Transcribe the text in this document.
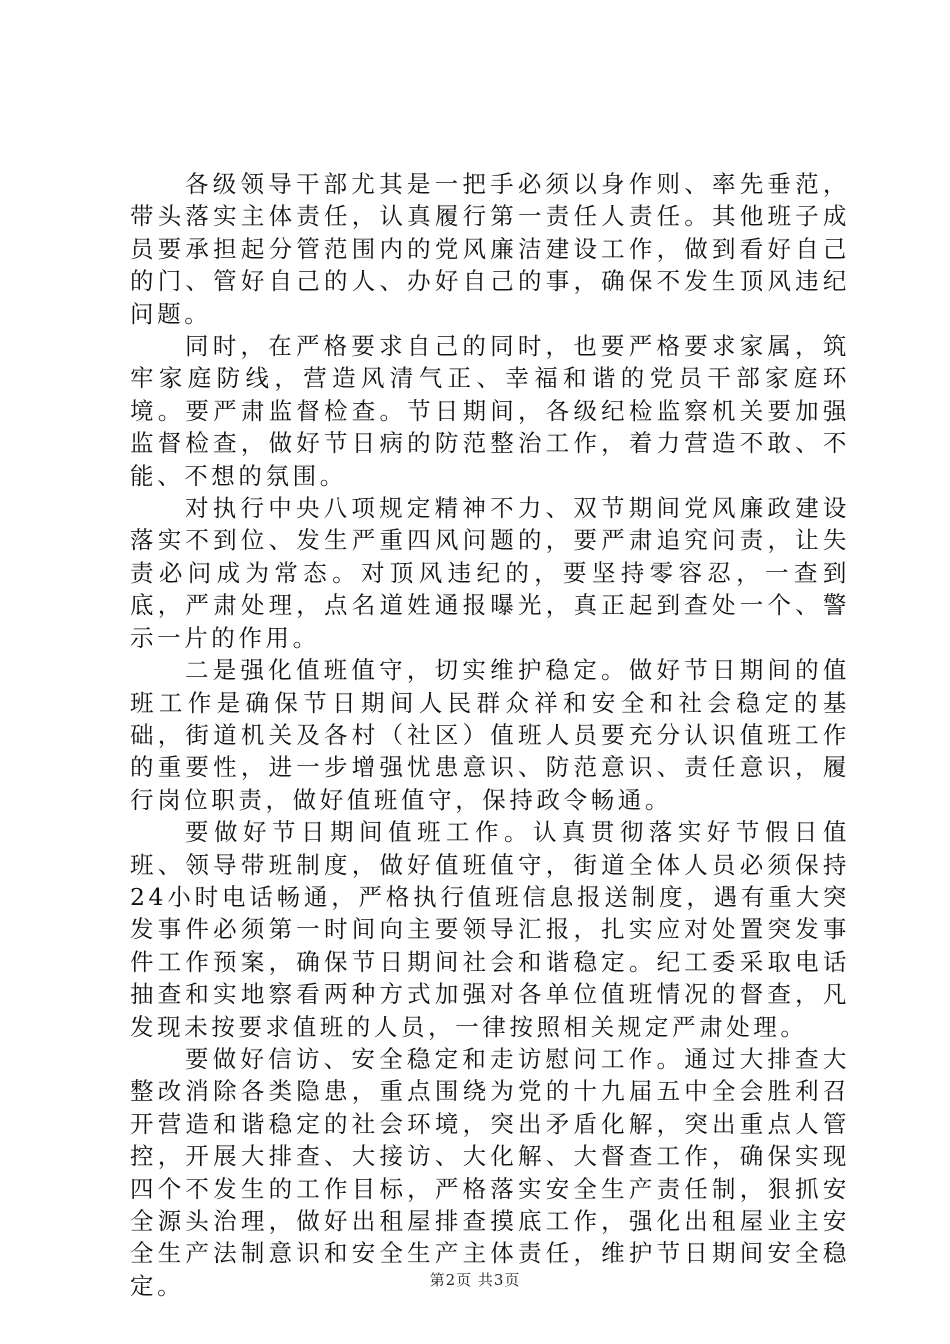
各级领导干部尤其是一把手必须以身作则、率先垂范，带头落实主体责任，认真履行第一责任人责任。其他班子成员要承担起分管范围内的党风廉洁建设工作，做到看好自己的门、管好自己的人、办好自己的事，确保不发生顶风违纪问题。

同时，在严格要求自己的同时，也要严格要求家属，筑牢家庭防线，营造风清气正、幸福和谐的党员干部家庭环境。要严肃监督检查。节日期间，各级纪检监察机关要加强监督检查，做好节日病的防范整治工作，着力营造不敢、不能、不想的氛围。

对执行中央八项规定精神不力、双节期间党风廉政建设落实不到位、发生严重四风问题的，要严肃追究问责，让失责必问成为常态。对顶风违纪的，要坚持零容忍，一查到底，严肃处理，点名道姓通报曝光，真正起到查处一个、警示一片的作用。

二是强化值班值守，切实维护稳定。做好节日期间的值班工作是确保节日期间人民群众祥和安全和社会稳定的基础，街道机关及各村（社区）值班人员要充分认识值班工作的重要性，进一步增强忧患意识、防范意识、责任意识，履行岗位职责，做好值班值守，保持政令畅通。

要做好节日期间值班工作。认真贯彻落实好节假日值班、领导带班制度，做好值班值守，街道全体人员必须保持24小时电话畅通，严格执行值班信息报送制度，遇有重大突发事件必须第一时间向主要领导汇报，扎实应对处置突发事件工作预案，确保节日期间社会和谐稳定。纪工委采取电话抽查和实地察看两种方式加强对各单位值班情况的督查，凡发现未按要求值班的人员，一律按照相关规定严肃处理。

要做好信访、安全稳定和走访慰问工作。通过大排查大整改消除各类隐患，重点围绕为党的十九届五中全会胜利召开营造和谐稳定的社会环境，突出矛盾化解，突出重点人管控，开展大排查、大接访、大化解、大督查工作，确保实现四个不发生的工作目标，严格落实安全生产责任制，狠抓安全源头治理，做好出租屋排查摸底工作，强化出租屋业主安全生产法制意识和安全生产主体责任，维护节日期间安全稳定。	第2页 共3页
